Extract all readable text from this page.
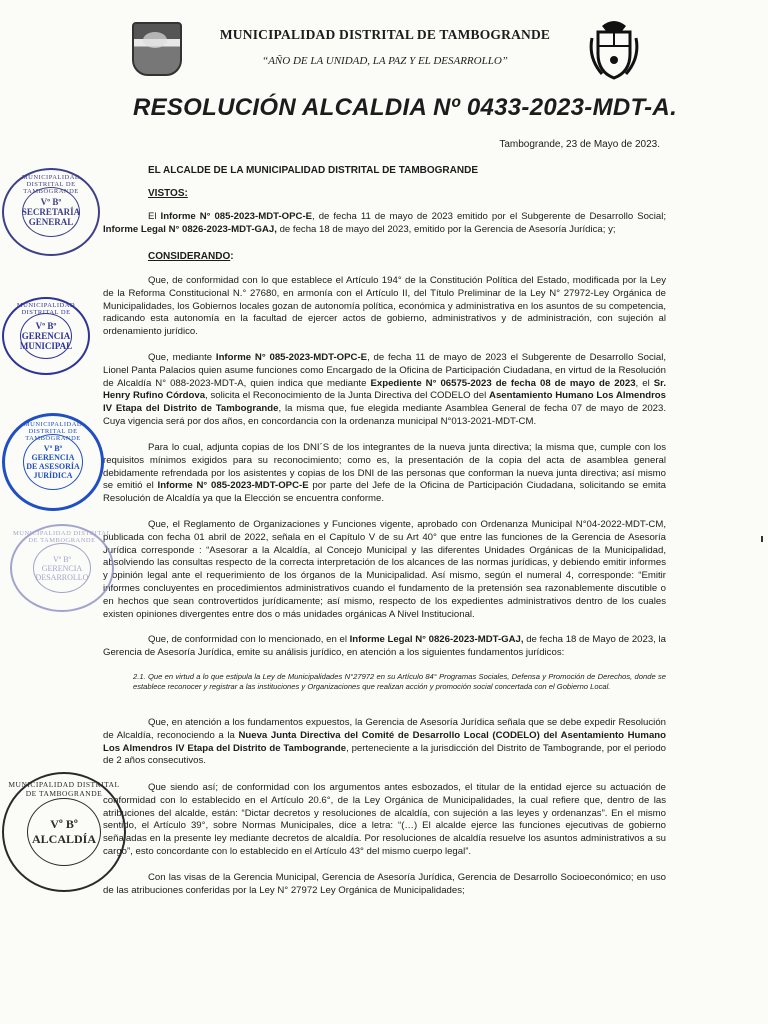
MUNICIPALIDAD DISTRITAL DE TAMBOGRANDE
“AÑO DE LA UNIDAD, LA PAZ Y EL DESARROLLO”
RESOLUCIÓN ALCALDIA Nº 0433-2023-MDT-A.
Tambogrande, 23 de Mayo de 2023.
EL ALCALDE DE LA MUNICIPALIDAD DISTRITAL DE TAMBOGRANDE
VISTOS:
El Informe N° 085-2023-MDT-OPC-E, de fecha 11 de mayo de 2023 emitido por el Subgerente de Desarrollo Social; Informe Legal N° 0826-2023-MDT-GAJ, de fecha 18 de mayo del 2023, emitido por la Gerencia de Asesoría Jurídica; y;
CONSIDERANDO:
Que, de conformidad con lo que establece el Artículo 194° de la Constitución Política del Estado, modificada por la Ley de la Reforma Constitucional N.° 27680, en armonía con el Artículo II, del Título Preliminar de la Ley N° 27972-Ley Orgánica de Municipalidades, los Gobiernos locales gozan de autonomía política, económica y administrativa en los asuntos de su competencia, radicando esta autonomía en la facultad de ejercer actos de gobierno, administrativos y de administración, con sujeción al ordenamiento jurídico.
Que, mediante Informe N° 085-2023-MDT-OPC-E, de fecha 11 de mayo de 2023 el Subgerente de Desarrollo Social, Lionel Panta Palacios quien asume funciones como Encargado de la Oficina de Participación Ciudadana, en virtud de la Resolución de Alcaldía N° 088-2023-MDT-A, quien indica que mediante Expediente N° 06575-2023 de fecha 08 de mayo de 2023, el Sr. Henry Rufino Córdova, solicita el Reconocimiento de la Junta Directiva del CODELO del Asentamiento Humano Los Almendros IV Etapa del Distrito de Tambogrande, la misma que, fue elegida mediante Asamblea General de fecha 07 de mayo de 2023. Cuya vigencia será por dos años, en concordancia con la ordenanza municipal N°013-2021-MDT-CM.
Para lo cual, adjunta copias de los DNI´S de los integrantes de la nueva junta directiva; la misma que, cumple con los requisitos mínimos exigidos para su reconocimiento; como es, la presentación de la copia del acta de asamblea general debidamente refrendada por los asistentes y copias de los DNI de las personas que conforman la nueva junta directiva; así mismo se emitió el Informe N° 085-2023-MDT-OPC-E por parte del Jefe de la Oficina de Participación Ciudadana, solicitando se emita Resolución de Alcaldía ya que la Elección se encuentra conforme.
Que, el Reglamento de Organizaciones y Funciones vigente, aprobado con Ordenanza Municipal N°04-2022-MDT-CM, publicada con fecha 01 abril de 2022, señala en el Capítulo V de su Art 40° que entre las funciones de la Gerencia de Asesoría Jurídica corresponde : “Asesorar a la Alcaldía, al Concejo Municipal y las diferentes Unidades Orgánicas de la Municipalidad, absolviendo las consultas respecto de la correcta interpretación de los alcances de las normas jurídicas, y debiendo emitir informes y opinión legal ante el requerimiento de los órganos de la Municipalidad. Así mismo, según el numeral 4, corresponde: “Emitir informes concluyentes en procedimientos administrativos cuando el fundamento de la pretensión sea razonablemente discutible o en hechos que sean controvertidos jurídicamente; así mismo, respecto de los expedientes administrativos dentro de los cuales existen opiniones divergentes entre dos o más unidades orgánicas A Nivel Institucional.
Que, de conformidad con lo mencionado, en el Informe Legal N° 0826-2023-MDT-GAJ, de fecha 18 de Mayo de 2023, la Gerencia de Asesoría Jurídica, emite su análisis jurídico, en atención a los siguientes fundamentos jurídicos:
2.1. Que en virtud a lo que estipula la Ley de Municipalidades N°27972 en su Artículo 84° Programas Sociales, Defensa y Promoción de Derechos, donde se establece reconocer y registrar a las instituciones y Organizaciones que realizan acción y promoción social concertada con el Gobierno Local.
Que, en atención a los fundamentos expuestos, la Gerencia de Asesoría Jurídica señala que se debe expedir Resolución de Alcaldía, reconociendo a la Nueva Junta Directiva del Comité de Desarrollo Local (CODELO) del Asentamiento Humano Los Almendros IV Etapa del Distrito de Tambogrande, perteneciente a la jurisdicción del Distrito de Tambogrande, por el periodo de 2 años consecutivos.
Que siendo así; de conformidad con los argumentos antes esbozados, el titular de la entidad ejerce su actuación de conformidad con lo establecido en el Artículo 20.6°, de la Ley Orgánica de Municipalidades, la cual refiere que, dentro de las atribuciones del alcalde, están: “Dictar decretos y resoluciones de alcaldía, con sujeción a las leyes y ordenanzas”. En el mismo sentido, el Artículo 39°, sobre Normas Municipales, dice a letra: “(…) El alcalde ejerce las funciones ejecutivas de gobierno señaladas en la presente ley mediante decretos de alcaldía. Por resoluciones de alcaldía resuelve los asuntos administrativos a su cargo”, esto concordante con lo establecido en el Artículo 43° del mismo cuerpo legal”.
Con las visas de la Gerencia Municipal, Gerencia de Asesoría Jurídica, Gerencia de Desarrollo Socioeconómico; en uso de las atribuciones conferidas por la Ley N° 27972 Ley Orgánica de Municipalidades;
MUNICIPALIDAD DISTRITAL DE TAMBOGRANDE
Vº Bº
SECRETARÍA
GENERAL
MUNICIPALIDAD DISTRITAL DE
Vº Bº
GERENCIA
MUNICIPAL
MUNICIPALIDAD DISTRITAL DE TAMBOGRANDE
Vº Bº
GERENCIA
DE ASESORÍA
JURÍDICA
MUNICIPALIDAD DISTRITAL DE TAMBOGRANDE
Vº Bº
GERENCIA
DESARROLLO
MUNICIPALIDAD DISTRITAL DE TAMBOGRANDE
Vº Bº
ALCALDÍA
